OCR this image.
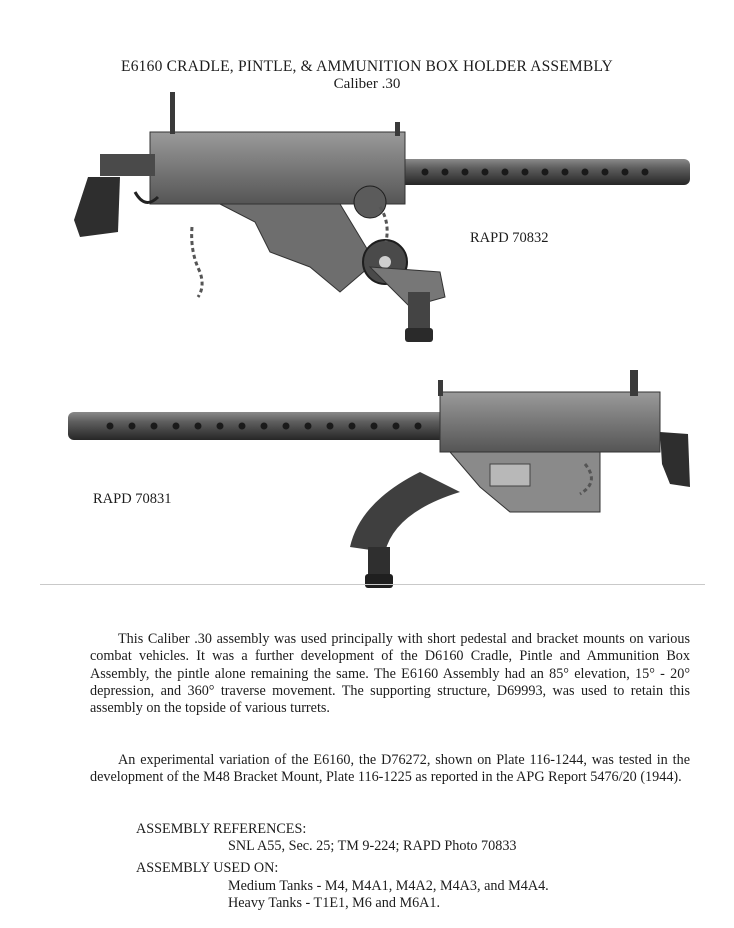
E6160 CRADLE, PINTLE, & AMMUNITION BOX HOLDER ASSEMBLY
Caliber .30
RAPD 70832
RAPD 70831

This Caliber .30 assembly was used principally with short pedestal and bracket mounts on various combat vehicles. It was a further development of the D6160 Cradle, Pintle and Ammunition Box Assembly, the pintle alone remaining the same. The E6160 Assembly had an 85° elevation, 15° - 20° depression, and 360° traverse movement. The supporting structure, D69993, was used to retain this assembly on the topside of various turrets.

An experimental variation of the E6160, the D76272, shown on Plate 116-1244, was tested in the development of the M48 Bracket Mount, Plate 116-1225 as reported in the APG Report 5476/20 (1944).

ASSEMBLY REFERENCES:
SNL A55, Sec. 25; TM 9-224; RAPD Photo 70833
ASSEMBLY USED ON:
Medium Tanks - M4, M4A1, M4A2, M4A3, and M4A4.
Heavy Tanks - T1E1, M6 and M6A1.
